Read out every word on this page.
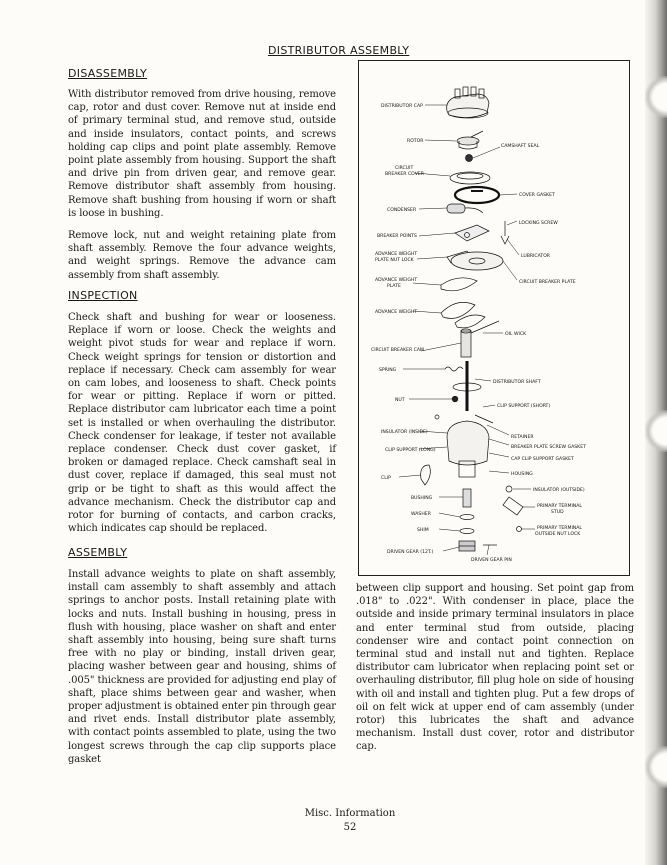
DISTRIBUTOR ASSEMBLY
DISASSEMBLY

With distributor removed from drive housing, remove cap, rotor and dust cover. Remove nut at inside end of primary terminal stud, and remove stud, outside and inside insulators, contact points, and screws holding cap clips and point plate assembly. Remove point plate assembly from housing. Support the shaft and drive pin from driven gear, and remove gear. Remove distributor shaft assembly from housing. Remove shaft bushing from housing if worn or shaft is loose in bushing.

Remove lock, nut and weight retaining plate from shaft assembly. Remove the four advance weights, and weight springs. Remove the advance cam assembly from shaft assembly.

INSPECTION

Check shaft and bushing for wear or looseness. Replace if worn or loose. Check the weights and weight pivot studs for wear and replace if worn. Check weight springs for tension or distortion and replace if necessary. Check cam assembly for wear on cam lobes, and looseness to shaft. Check points for wear or pitting. Replace if worn or pitted. Replace distributor cam lubricator each time a point set is installed or when overhauling the distributor. Check condenser for leakage, if tester not available replace condenser. Check dust cover gasket, if broken or damaged replace. Check camshaft seal in dust cover, replace if damaged, this seal must not grip or be tight to shaft as this would affect the advance mechanism. Check the distributor cap and rotor for burning of contacts, and carbon cracks, which indicates cap should be replaced.

ASSEMBLY

Install advance weights to plate on shaft assembly, install cam assembly to shaft assembly and attach springs to anchor posts. Install retaining plate with locks and nuts. Install bushing in housing, press in flush with housing, place washer on shaft and enter shaft assembly into housing, being sure shaft turns free with no play or binding, install driven gear, placing washer between gear and housing, shims of .005" thickness are provided for adjusting end play of shaft, place shims between gear and washer, when proper adjustment is obtained enter pin through gear and rivet ends. Install distributor plate assembly, with contact points assembled to plate, using the two longest screws through the cap clip supports place gasket

between clip support and housing. Set point gap from .018" to .022". With condenser in place, place the outside and inside primary terminal insulators in place and enter terminal stud from outside, placing condenser wire and contact point connection on terminal stud and install nut and tighten. Replace distributor cam lubricator when replacing point set or overhauling distributor, fill plug hole on side of housing with oil and install and tighten plug. Put a few drops of oil on felt wick at upper end of cam assembly (under rotor) this lubricates the shaft and advance mechanism. Install dust cover, rotor and distributor cap.

DISTRIBUTOR CAP
ROTOR
CAMSHAFT SEAL
CIRCUIT
BREAKER COVER
COVER GASKET
CONDENSER
LOCKING SCREW
BREAKER POINTS
LUBRICATOR
ADVANCE WEIGHT
PLATE NUT LOCK
ADVANCE WEIGHT
PLATE
CIRCUIT BREAKER PLATE
ADVANCE WEIGHT
OIL WICK
CIRCUIT BREAKER CAM
SPRING
DISTRIBUTOR SHAFT
NUT
CLIP SUPPORT (SHORT)
RETAINER
INSULATOR (INSIDE)
BREAKER PLATE SCREW GASKET
CLIP SUPPORT (LONG)
CAP CLIP SUPPORT GASKET
HOUSING
CLIP
INSULATOR (OUTSIDE)
BUSHING
WASHER
PRIMARY TERMINAL
STUD
SHIM	PRIMARY TERMINAL
OUTSIDE NUT LOCK
DRIVEN GEAR (12T.)
DRIVEN GEAR PIN
Misc. Information
52
